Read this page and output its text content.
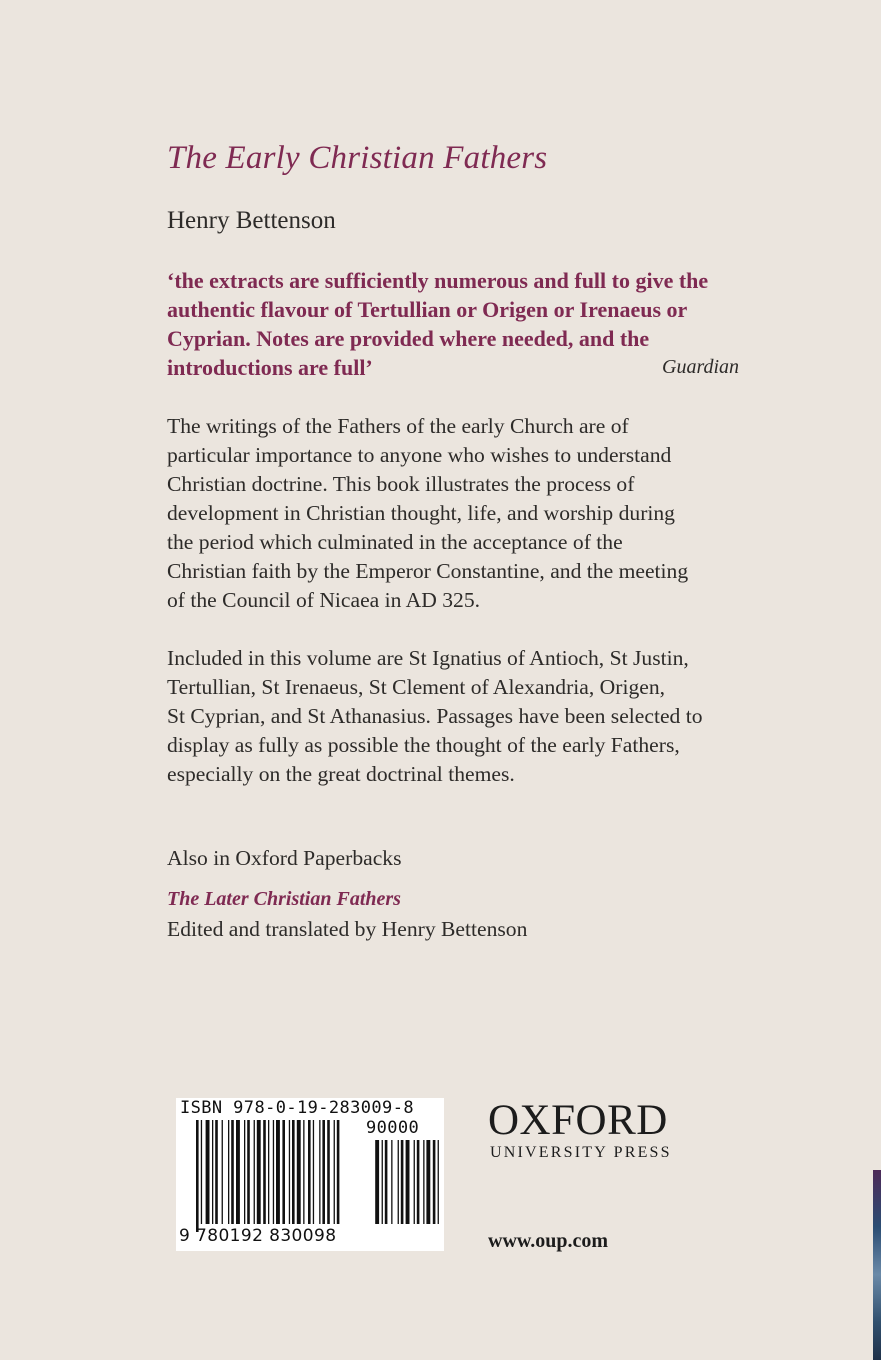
The Early Christian Fathers
Henry Bettenson
‘the extracts are sufficiently numerous and full to give the
authentic flavour of Tertullian or Origen or Irenaeus or
Cyprian. Notes are provided where needed, and the
introductions are full’	Guardian
The writings of the Fathers of the early Church are of
particular importance to anyone who wishes to understand
Christian doctrine. This book illustrates the process of
development in Christian thought, life, and worship during
the period which culminated in the acceptance of the
Christian faith by the Emperor Constantine, and the meeting
of the Council of Nicaea in AD 325.
Included in this volume are St Ignatius of Antioch, St Justin,
Tertullian, St Irenaeus, St Clement of Alexandria, Origen,
St Cyprian, and St Athanasius. Passages have been selected to
display as fully as possible the thought of the early Fathers,
especially on the great doctrinal themes.
Also in Oxford Paperbacks
The Later Christian Fathers
Edited and translated by Henry Bettenson
ISBN 978-0-19-283009-8
90000
9 780192 830098
OXFORD
UNIVERSITY PRESS
www.oup.com
